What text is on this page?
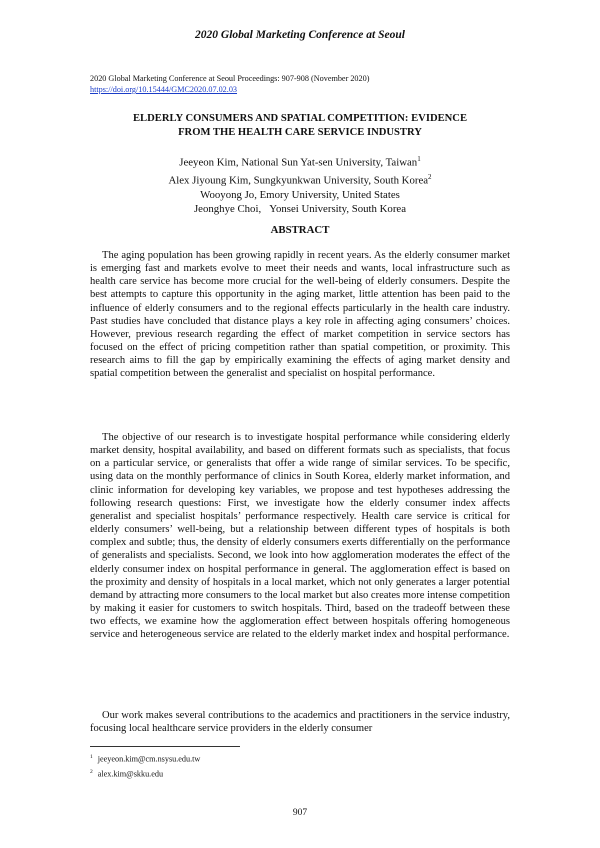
2020 Global Marketing Conference at Seoul
2020 Global Marketing Conference at Seoul Proceedings: 907-908 (November 2020)
https://doi.org/10.15444/GMC2020.07.02.03
ELDERLY CONSUMERS AND SPATIAL COMPETITION: EVIDENCE
FROM THE HEALTH CARE SERVICE INDUSTRY
Jeeyeon Kim, National Sun Yat-sen University, Taiwan$^1$
Alex Jiyoung Kim, Sungkyunkwan University, South Korea$^2$
Wooyong Jo, Emory University, United States
Jeonghye Choi,   Yonsei University, South Korea
ABSTRACT

The aging population has been growing rapidly in recent years. As the elderly consumer market is emerging fast and markets evolve to meet their needs and wants, local infrastructure such as health care service has become more crucial for the well-being of elderly consumers. Despite the best attempts to capture this opportunity in the aging market, little attention has been paid to the influence of elderly consumers and to the regional effects particularly in the health care industry. Past studies have concluded that distance plays a key role in affecting aging consumers’ choices. However, previous research regarding the effect of market competition in service sectors has focused on the effect of pricing competition rather than spatial competition, or proximity. This research aims to fill the gap by empirically examining the effects of aging market density and spatial competition between the generalist and specialist on hospital performance.

The objective of our research is to investigate hospital performance while considering elderly market density, hospital availability, and based on different formats such as specialists, that focus on a particular service, or generalists that offer a wide range of similar services. To be specific, using data on the monthly performance of clinics in South Korea, elderly market information, and clinic information for developing key variables, we propose and test hypotheses addressing the following research questions: First, we investigate how the elderly consumer index affects generalist and specialist hospitals’ performance respectively. Health care service is critical for elderly consumers’ well-being, but a relationship between different types of hospitals is both complex and subtle; thus, the density of elderly consumers exerts differentially on the performance of generalists and specialists. Second, we look into how agglomeration moderates the effect of the elderly consumer index on hospital performance in general. The agglomeration effect is based on the proximity and density of hospitals in a local market, which not only generates a larger potential demand by attracting more consumers to the local market but also creates more intense competition by making it easier for customers to switch hospitals. Third, based on the tradeoff between these two effects, we examine how the agglomeration effect between hospitals offering homogeneous service and heterogeneous service are related to the elderly market index and hospital performance.

Our work makes several contributions to the academics and practitioners in the service industry, focusing local healthcare service providers in the elderly consumer

$^1$ jeeyeon.kim@cm.nsysu.edu.tw
$^2$ alex.kim@skku.edu
907
